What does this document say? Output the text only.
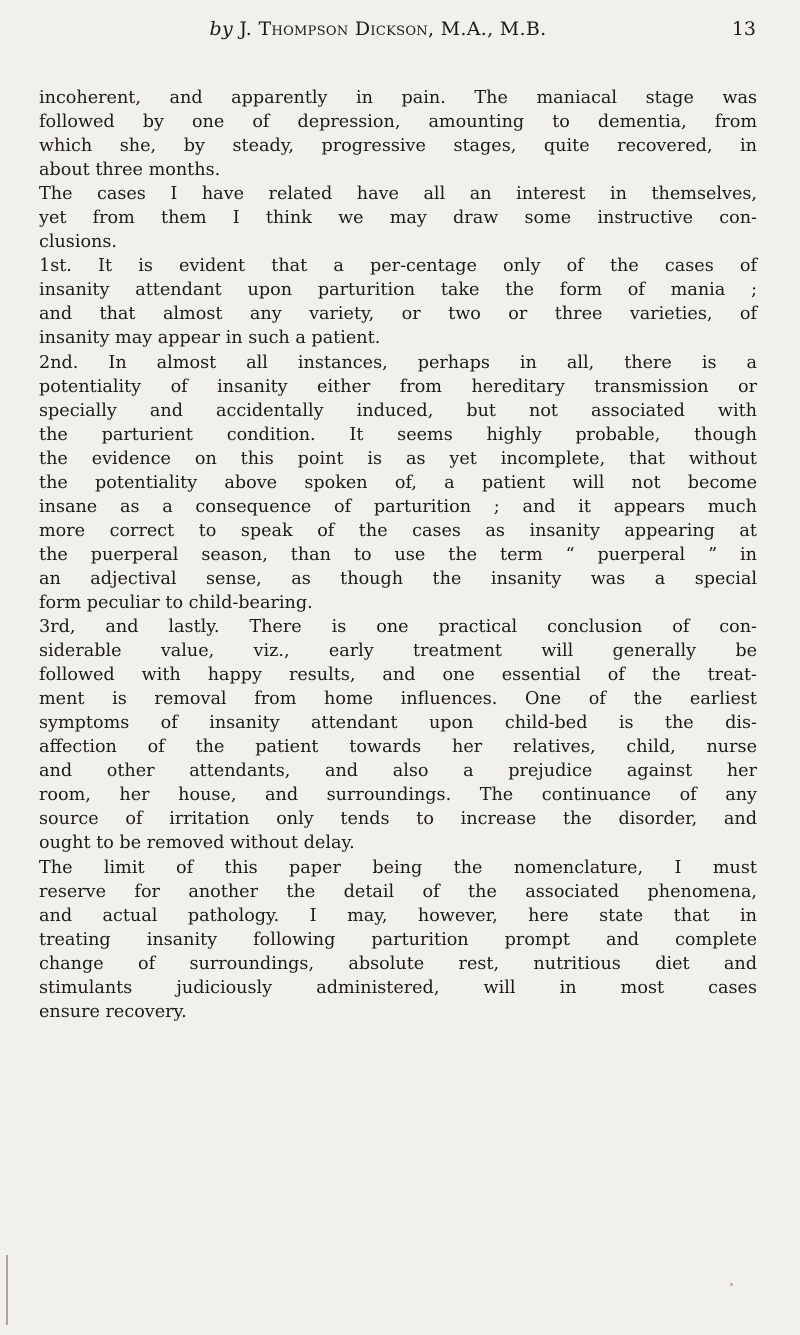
by J. Thompson Dickson, M.A., M.B.	13
incoherent, and apparently in pain. The maniacal stage was
followed by one of depression, amounting to dementia, from
which she, by steady, progressive stages, quite recovered, in
about three months.
The cases I have related have all an interest in themselves,
yet from them I think we may draw some instructive con-
clusions.
1st. It is evident that a per-centage only of the cases of
insanity attendant upon parturition take the form of mania ;
and that almost any variety, or two or three varieties, of
insanity may appear in such a patient.
2nd. In almost all instances, perhaps in all, there is a
potentiality of insanity either from hereditary transmission or
specially and accidentally induced, but not associated with
the parturient condition. It seems highly probable, though
the evidence on this point is as yet incomplete, that without
the potentiality above spoken of, a patient will not become
insane as a consequence of parturition ; and it appears much
more correct to speak of the cases as insanity appearing at
the puerperal season, than to use the term “ puerperal ” in
an adjectival sense, as though the insanity was a special
form peculiar to child-bearing.
3rd, and lastly. There is one practical conclusion of con-
siderable value, viz., early treatment will generally be
followed with happy results, and one essential of the treat-
ment is removal from home influences. One of the earliest
symptoms of insanity attendant upon child-bed is the dis-
affection of the patient towards her relatives, child, nurse
and other attendants, and also a prejudice against her
room, her house, and surroundings. The continuance of any
source of irritation only tends to increase the disorder, and
ought to be removed without delay.
The limit of this paper being the nomenclature, I must
reserve for another the detail of the associated phenomena,
and actual pathology. I may, however, here state that in
treating insanity following parturition prompt and complete
change of surroundings, absolute rest, nutritious diet and
stimulants judiciously administered, will in most cases
ensure recovery.
